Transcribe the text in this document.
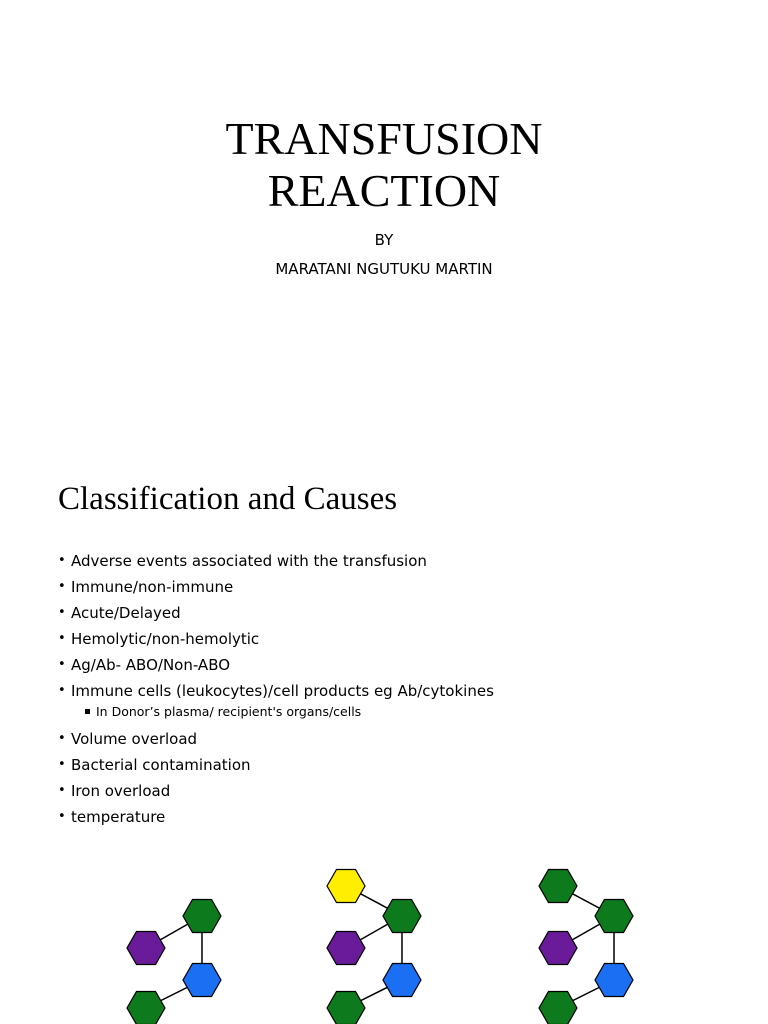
TRANSFUSION
REACTION
BY
MARATANI NGUTUKU MARTIN
Classification and Causes
• Adverse events associated with the transfusion
• Immune/non-immune
• Acute/Delayed
• Hemolytic/non-hemolytic
• Ag/Ab- ABO/Non-ABO
• Immune cells (leukocytes)/cell products eg Ab/cytokines
In Donor’s plasma/ recipient's organs/cells
• Volume overload
• Bacterial contamination
• Iron overload
• temperature
